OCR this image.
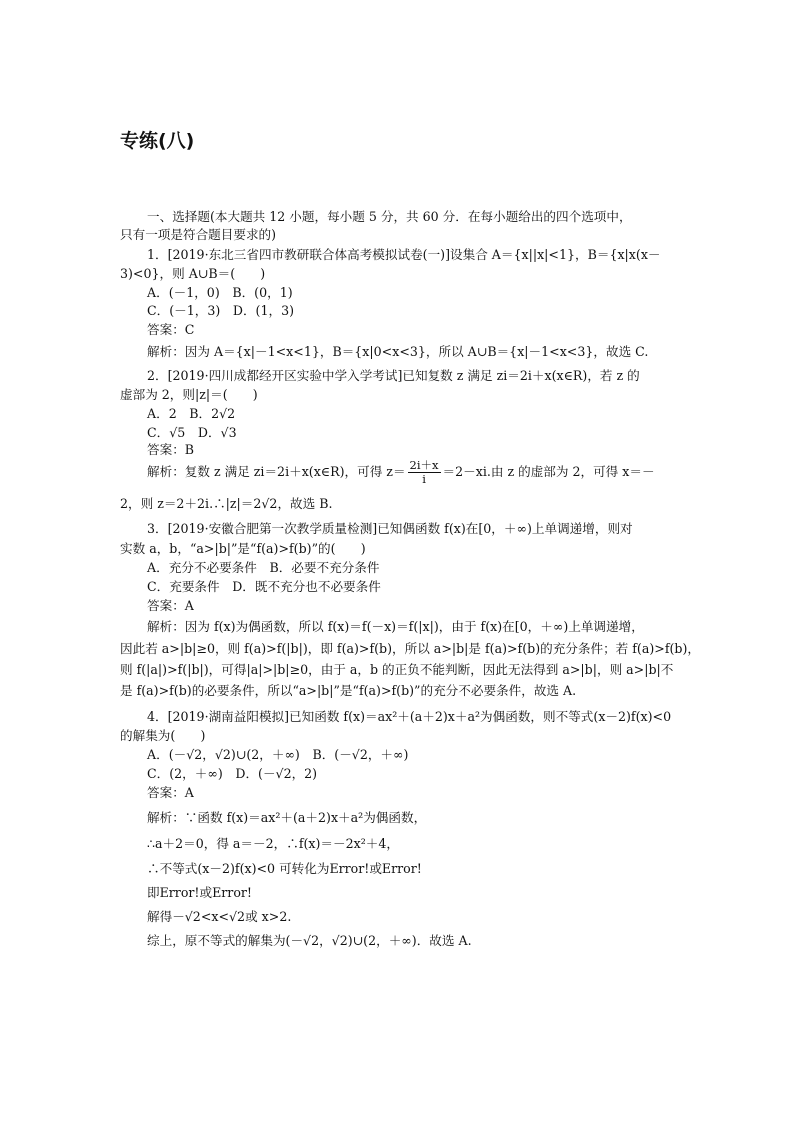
专练(八)
一、选择题(本大题共 12 小题，每小题 5 分，共 60 分．在每小题给出的四个选项中，
只有一项是符合题目要求的)
1．[2019·东北三省四市教研联合体高考模拟试卷(一)]设集合 A＝{x||x|<1}，B＝{x|x(x－
3)<0}，则 A∪B＝(　　)
A．(－1，0)　B．(0，1)
C．(－1，3)　D．(1，3)
答案：C
解析：因为 A＝{x|－1<x<1}，B＝{x|0<x<3}，所以 A∪B＝{x|－1<x<3}，故选 C.
2．[2019·四川成都经开区实验中学入学考试]已知复数 z 满足 zi＝2i＋x(x∈R)，若 z 的
虚部为 2，则|z|＝(　　)
A．2　B．2√2
C．√5　D．√3
答案：B
解析：复数 z 满足 zi＝2i＋x(x∈R)，可得 $z= \frac{2i+x}{i} =2-xi$.由 z 的虚部为 2，可得 x＝－
2，则 z＝2＋2i.∴|z|＝2√2，故选 B.
3．[2019·安徽合肥第一次教学质量检测]已知偶函数 f(x)在[0，＋∞)上单调递增，则对
实数 a，b，“a>|b|”是“f(a)>f(b)”的(　　)
A．充分不必要条件　B．必要不充分条件
C．充要条件　D．既不充分也不必要条件
答案：A
解析：因为 f(x)为偶函数，所以 f(x)＝f(－x)＝f(|x|)，由于 f(x)在[0，＋∞)上单调递增，
因此若 a>|b|≥0，则 f(a)>f(|b|)，即 f(a)>f(b)，所以 a>|b|是 f(a)>f(b)的充分条件；若 f(a)>f(b)，
则 f(|a|)>f(|b|)，可得|a|>|b|≥0，由于 a，b 的正负不能判断，因此无法得到 a>|b|，则 a>|b|不
是 f(a)>f(b)的必要条件，所以“a>|b|”是“f(a)>f(b)”的充分不必要条件，故选 A.
4．[2019·湖南益阳模拟]已知函数 f(x)＝ax²＋(a＋2)x＋a²为偶函数，则不等式(x－2)f(x)<0
的解集为(　　)
A．(－√2，√2)∪(2，＋∞)　B．(－√2，＋∞)
C．(2，＋∞)　D．(－√2，2)
答案：A
解析：∵函数 f(x)＝ax²＋(a＋2)x＋a²为偶函数，
∴a＋2＝0，得 a＝－2，∴f(x)＝－2x²＋4，
∴不等式(x－2)f(x)<0 可转化为Error!或Error!
即Error!或Error!
解得－√2<x<√2或 x>2.
综上，原不等式的解集为(－√2，√2)∪(2，＋∞)．故选 A.
